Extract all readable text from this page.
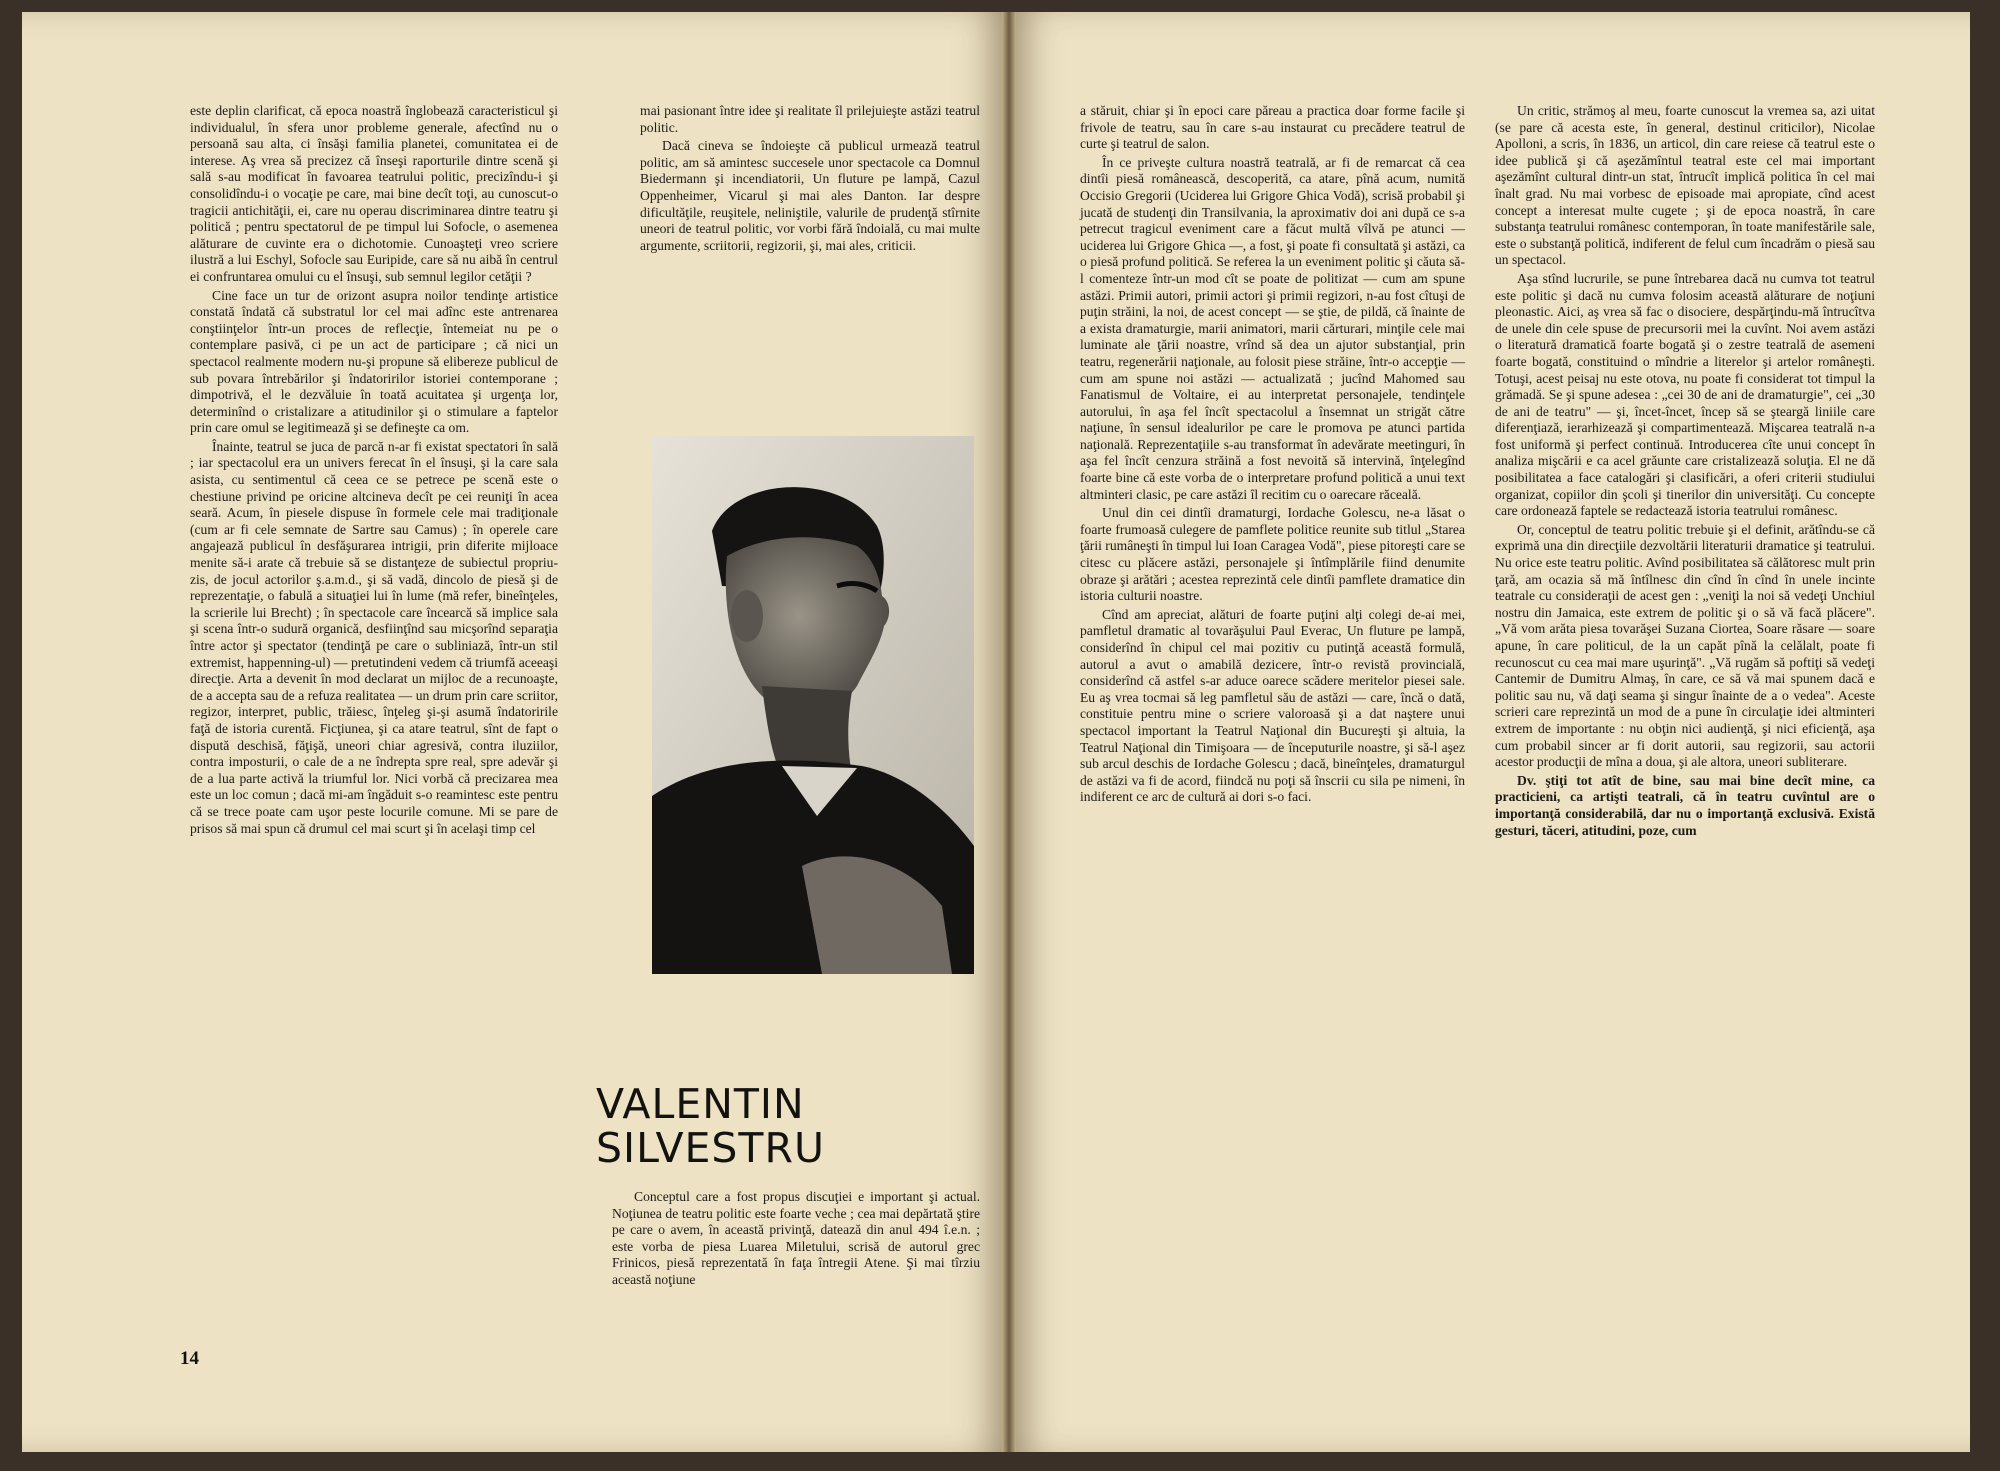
este deplin clarificat, că epoca noastră înglobează caracteristicul şi individualul, în sfera unor probleme generale, afectînd nu o persoană sau alta, ci însăşi familia planetei, comunitatea ei de interese. Aş vrea să precizez că înseşi raporturile dintre scenă şi sală s-au modificat în favoarea teatrului politic, precizîndu-i şi consolidîndu-i o vocaţie pe care, mai bine decît toţi, au cunoscut-o tragicii antichităţii, ei, care nu operau discriminarea dintre teatru şi politică ; pentru spectatorul de pe timpul lui Sofocle, o asemenea alăturare de cuvinte era o dichotomie. Cunoaşteţi vreo scriere ilustră a lui Eschyl, Sofocle sau Euripide, care să nu aibă în centrul ei confruntarea omului cu el însuşi, sub semnul legilor cetăţii ?

Cine face un tur de orizont asupra noilor tendinţe artistice constată îndată că substratul lor cel mai adînc este antrenarea conştiinţelor într-un proces de reflecţie, întemeiat nu pe o contemplare pasivă, ci pe un act de participare ; că nici un spectacol realmente modern nu-şi propune să elibereze publicul de sub povara întrebărilor şi îndatoririlor istoriei contemporane ; dimpotrivă, el le dezvăluie în toată acuitatea şi urgenţa lor, determinînd o cristalizare a atitudinilor şi o stimulare a faptelor prin care omul se legitimează şi se defineşte ca om.

Înainte, teatrul se juca de parcă n-ar fi existat spectatori în sală ; iar spectacolul era un univers ferecat în el însuşi, şi la care sala asista, cu sentimentul că ceea ce se petrece pe scenă este o chestiune privind pe oricine altcineva decît pe cei reuniţi în acea seară. Acum, în piesele dispuse în formele cele mai tradiţionale (cum ar fi cele semnate de Sartre sau Camus) ; în operele care angajează publicul în desfăşurarea intrigii, prin diferite mijloace menite să-i arate că trebuie să se distanţeze de subiectul propriu-zis, de jocul actorilor ş.a.m.d., şi să vadă, dincolo de piesă şi de reprezentaţie, o fabulă a situaţiei lui în lume (mă refer, bineînţeles, la scrierile lui Brecht) ; în spectacole care încearcă să implice sala şi scena într-o sudură organică, desfiinţînd sau micşorînd separaţia între actor şi spectator (tendinţă pe care o subliniază, într-un stil extremist, happenning-ul) — pretutindeni vedem că triumfă aceeaşi direcţie. Arta a devenit în mod declarat un mijloc de a recunoaşte, de a accepta sau de a refuza realitatea — un drum prin care scriitor, regizor, interpret, public, trăiesc, înţeleg şi-şi asumă îndatoririle faţă de istoria curentă. Ficţiunea, şi ca atare teatrul, sînt de fapt o dispută deschisă, făţişă, uneori chiar agresivă, contra iluziilor, contra imposturii, o cale de a ne îndrepta spre real, spre adevăr şi de a lua parte activă la triumful lor. Nici vorbă că precizarea mea este un loc comun ; dacă mi-am îngăduit s-o reamintesc este pentru că se trece poate cam uşor peste locurile comune. Mi se pare de prisos să mai spun că drumul cel mai scurt şi în acelaşi timp cel

mai pasionant între idee şi realitate îl prilejuieşte astăzi teatrul politic.

Dacă cineva se îndoieşte că publicul urmează teatrul politic, am să amintesc succesele unor spectacole ca Domnul Biedermann şi incendiatorii, Un fluture pe lampă, Cazul Oppenheimer, Vicarul şi mai ales Danton. Iar despre dificultăţile, reuşitele, neliniştile, valurile de prudenţă stîrnite uneori de teatrul politic, vor vorbi fără îndoială, cu mai multe argumente, scriitorii, regizorii, şi, mai ales, criticii.

VALENTIN
SILVESTRU

Conceptul care a fost propus discuţiei e important şi actual. Noţiunea de teatru politic este foarte veche ; cea mai depărtată ştire pe care o avem, în această privinţă, datează din anul 494 î.e.n. ; este vorba de piesa Luarea Miletului, scrisă de autorul grec Frinicos, piesă reprezentată în faţa întregii Atene. Şi mai tîrziu această noţiune

14

a stăruit, chiar şi în epoci care păreau a practica doar forme facile şi frivole de teatru, sau în care s-au instaurat cu precădere teatrul de curte şi teatrul de salon.

În ce priveşte cultura noastră teatrală, ar fi de remarcat că cea dintîi piesă românească, descoperită, ca atare, pînă acum, numită Occisio Gregorii (Uciderea lui Grigore Ghica Vodă), scrisă probabil şi jucată de studenţi din Transilvania, la aproximativ doi ani după ce s-a petrecut tragicul eveniment care a făcut multă vîlvă pe atunci — uciderea lui Grigore Ghica —, a fost, şi poate fi consultată şi astăzi, ca o piesă profund politică. Se referea la un eveniment politic şi căuta să-l comenteze într-un mod cît se poate de politizat — cum am spune astăzi. Primii autori, primii actori şi primii regizori, n-au fost cîtuşi de puţin străini, la noi, de acest concept — se ştie, de pildă, că înainte de a exista dramaturgie, marii animatori, marii cărturari, minţile cele mai luminate ale ţării noastre, vrînd să dea un ajutor substanţial, prin teatru, regenerării naţionale, au folosit piese străine, într-o accepţie — cum am spune noi astăzi — actualizată ; jucînd Mahomed sau Fanatismul de Voltaire, ei au interpretat personajele, tendinţele autorului, în aşa fel încît spectacolul a însemnat un strigăt către naţiune, în sensul idealurilor pe care le promova pe atunci partida naţională. Reprezentaţiile s-au transformat în adevărate meetinguri, în aşa fel încît cenzura străină a fost nevoită să intervină, înţelegînd foarte bine că este vorba de o interpretare profund politică a unui text altminteri clasic, pe care astăzi îl recitim cu o oarecare răceală.

Unul din cei dintîi dramaturgi, Iordache Golescu, ne-a lăsat o foarte frumoasă culegere de pamflete politice reunite sub titlul „Starea ţării rumâneşti în timpul lui Ioan Caragea Vodă", piese pitoreşti care se citesc cu plăcere astăzi, personajele şi întîmplările fiind denumite obraze şi arătări ; acestea reprezintă cele dintîi pamflete dramatice din istoria culturii noastre.

Cînd am apreciat, alături de foarte puţini alţi colegi de-ai mei, pamfletul dramatic al tovarăşului Paul Everac, Un fluture pe lampă, considerînd în chipul cel mai pozitiv cu putinţă această formulă, autorul a avut o amabilă dezicere, într-o revistă provincială, considerînd că astfel s-ar aduce oarece scădere meritelor piesei sale. Eu aş vrea tocmai să leg pamfletul său de astăzi — care, încă o dată, constituie pentru mine o scriere valoroasă şi a dat naştere unui spectacol important la Teatrul Naţional din Bucureşti şi altuia, la Teatrul Naţional din Timişoara — de începuturile noastre, şi să-l aşez sub arcul deschis de Iordache Golescu ; dacă, bineînţeles, dramaturgul de astăzi va fi de acord, fiindcă nu poţi să înscrii cu sila pe nimeni, în indiferent ce arc de cultură ai dori s-o faci.

Un critic, strămoş al meu, foarte cunoscut la vremea sa, azi uitat (se pare că acesta este, în general, destinul criticilor), Nicolae Apolloni, a scris, în 1836, un articol, din care reiese că teatrul este o idee publică şi că aşezămîntul teatral este cel mai important aşezămînt cultural dintr-un stat, întrucît implică politica în cel mai înalt grad. Nu mai vorbesc de episoade mai apropiate, cînd acest concept a interesat multe cugete ; şi de epoca noastră, în care substanţa teatrului românesc contemporan, în toate manifestările sale, este o substanţă politică, indiferent de felul cum încadrăm o piesă sau un spectacol.

Aşa stînd lucrurile, se pune întrebarea dacă nu cumva tot teatrul este politic şi dacă nu cumva folosim această alăturare de noţiuni pleonastic. Aici, aş vrea să fac o disociere, despărţindu-mă întrucîtva de unele din cele spuse de precursorii mei la cuvînt. Noi avem astăzi o literatură dramatică foarte bogată şi o zestre teatrală de asemeni foarte bogată, constituind o mîndrie a literelor şi artelor româneşti. Totuşi, acest peisaj nu este otova, nu poate fi considerat tot timpul la grămadă. Se şi spune adesea : „cei 30 de ani de dramaturgie", cei „30 de ani de teatru" — şi, încet-încet, încep să se şteargă liniile care diferenţiază, ierarhizează şi compartimentează. Mişcarea teatrală n-a fost uniformă şi perfect continuă. Introducerea cîte unui concept în analiza mişcării e ca acel grăunte care cristalizează soluţia. El ne dă posibilitatea a face catalogări şi clasificări, a oferi criterii studiului organizat, copiilor din şcoli şi tinerilor din universităţi. Cu concepte care ordonează faptele se redactează istoria teatrului românesc.

Or, conceptul de teatru politic trebuie şi el definit, arătîndu-se că exprimă una din direcţiile dezvoltării literaturii dramatice şi teatrului. Nu orice este teatru politic. Avînd posibilitatea să călătoresc mult prin ţară, am ocazia să mă întîlnesc din cînd în cînd în unele incinte teatrale cu consideraţii de acest gen : „veniţi la noi să vedeţi Unchiul nostru din Jamaica, este extrem de politic şi o să vă facă plăcere". „Vă vom arăta piesa tovarăşei Suzana Ciortea, Soare răsare — soare apune, în care politicul, de la un capăt pînă la celălalt, poate fi recunoscut cu cea mai mare uşurinţă". „Vă rugăm să poftiţi să vedeţi Cantemir de Dumitru Almaş, în care, ce să vă mai spunem dacă e politic sau nu, vă daţi seama şi singur înainte de a o vedea". Aceste scrieri care reprezintă un mod de a pune în circulaţie idei altminteri extrem de importante : nu obţin nici audienţă, şi nici eficienţă, aşa cum probabil sincer ar fi dorit autorii, sau regizorii, sau actorii acestor producţii de mîna a doua, şi ale altora, uneori subliterare.

Dv. ştiţi tot atît de bine, sau mai bine decît mine, ca practicieni, ca artişti teatrali, că în teatru cuvîntul are o importanţă considerabilă, dar nu o importanţă exclusivă. Există gesturi, tăceri, atitudini, poze, cum
